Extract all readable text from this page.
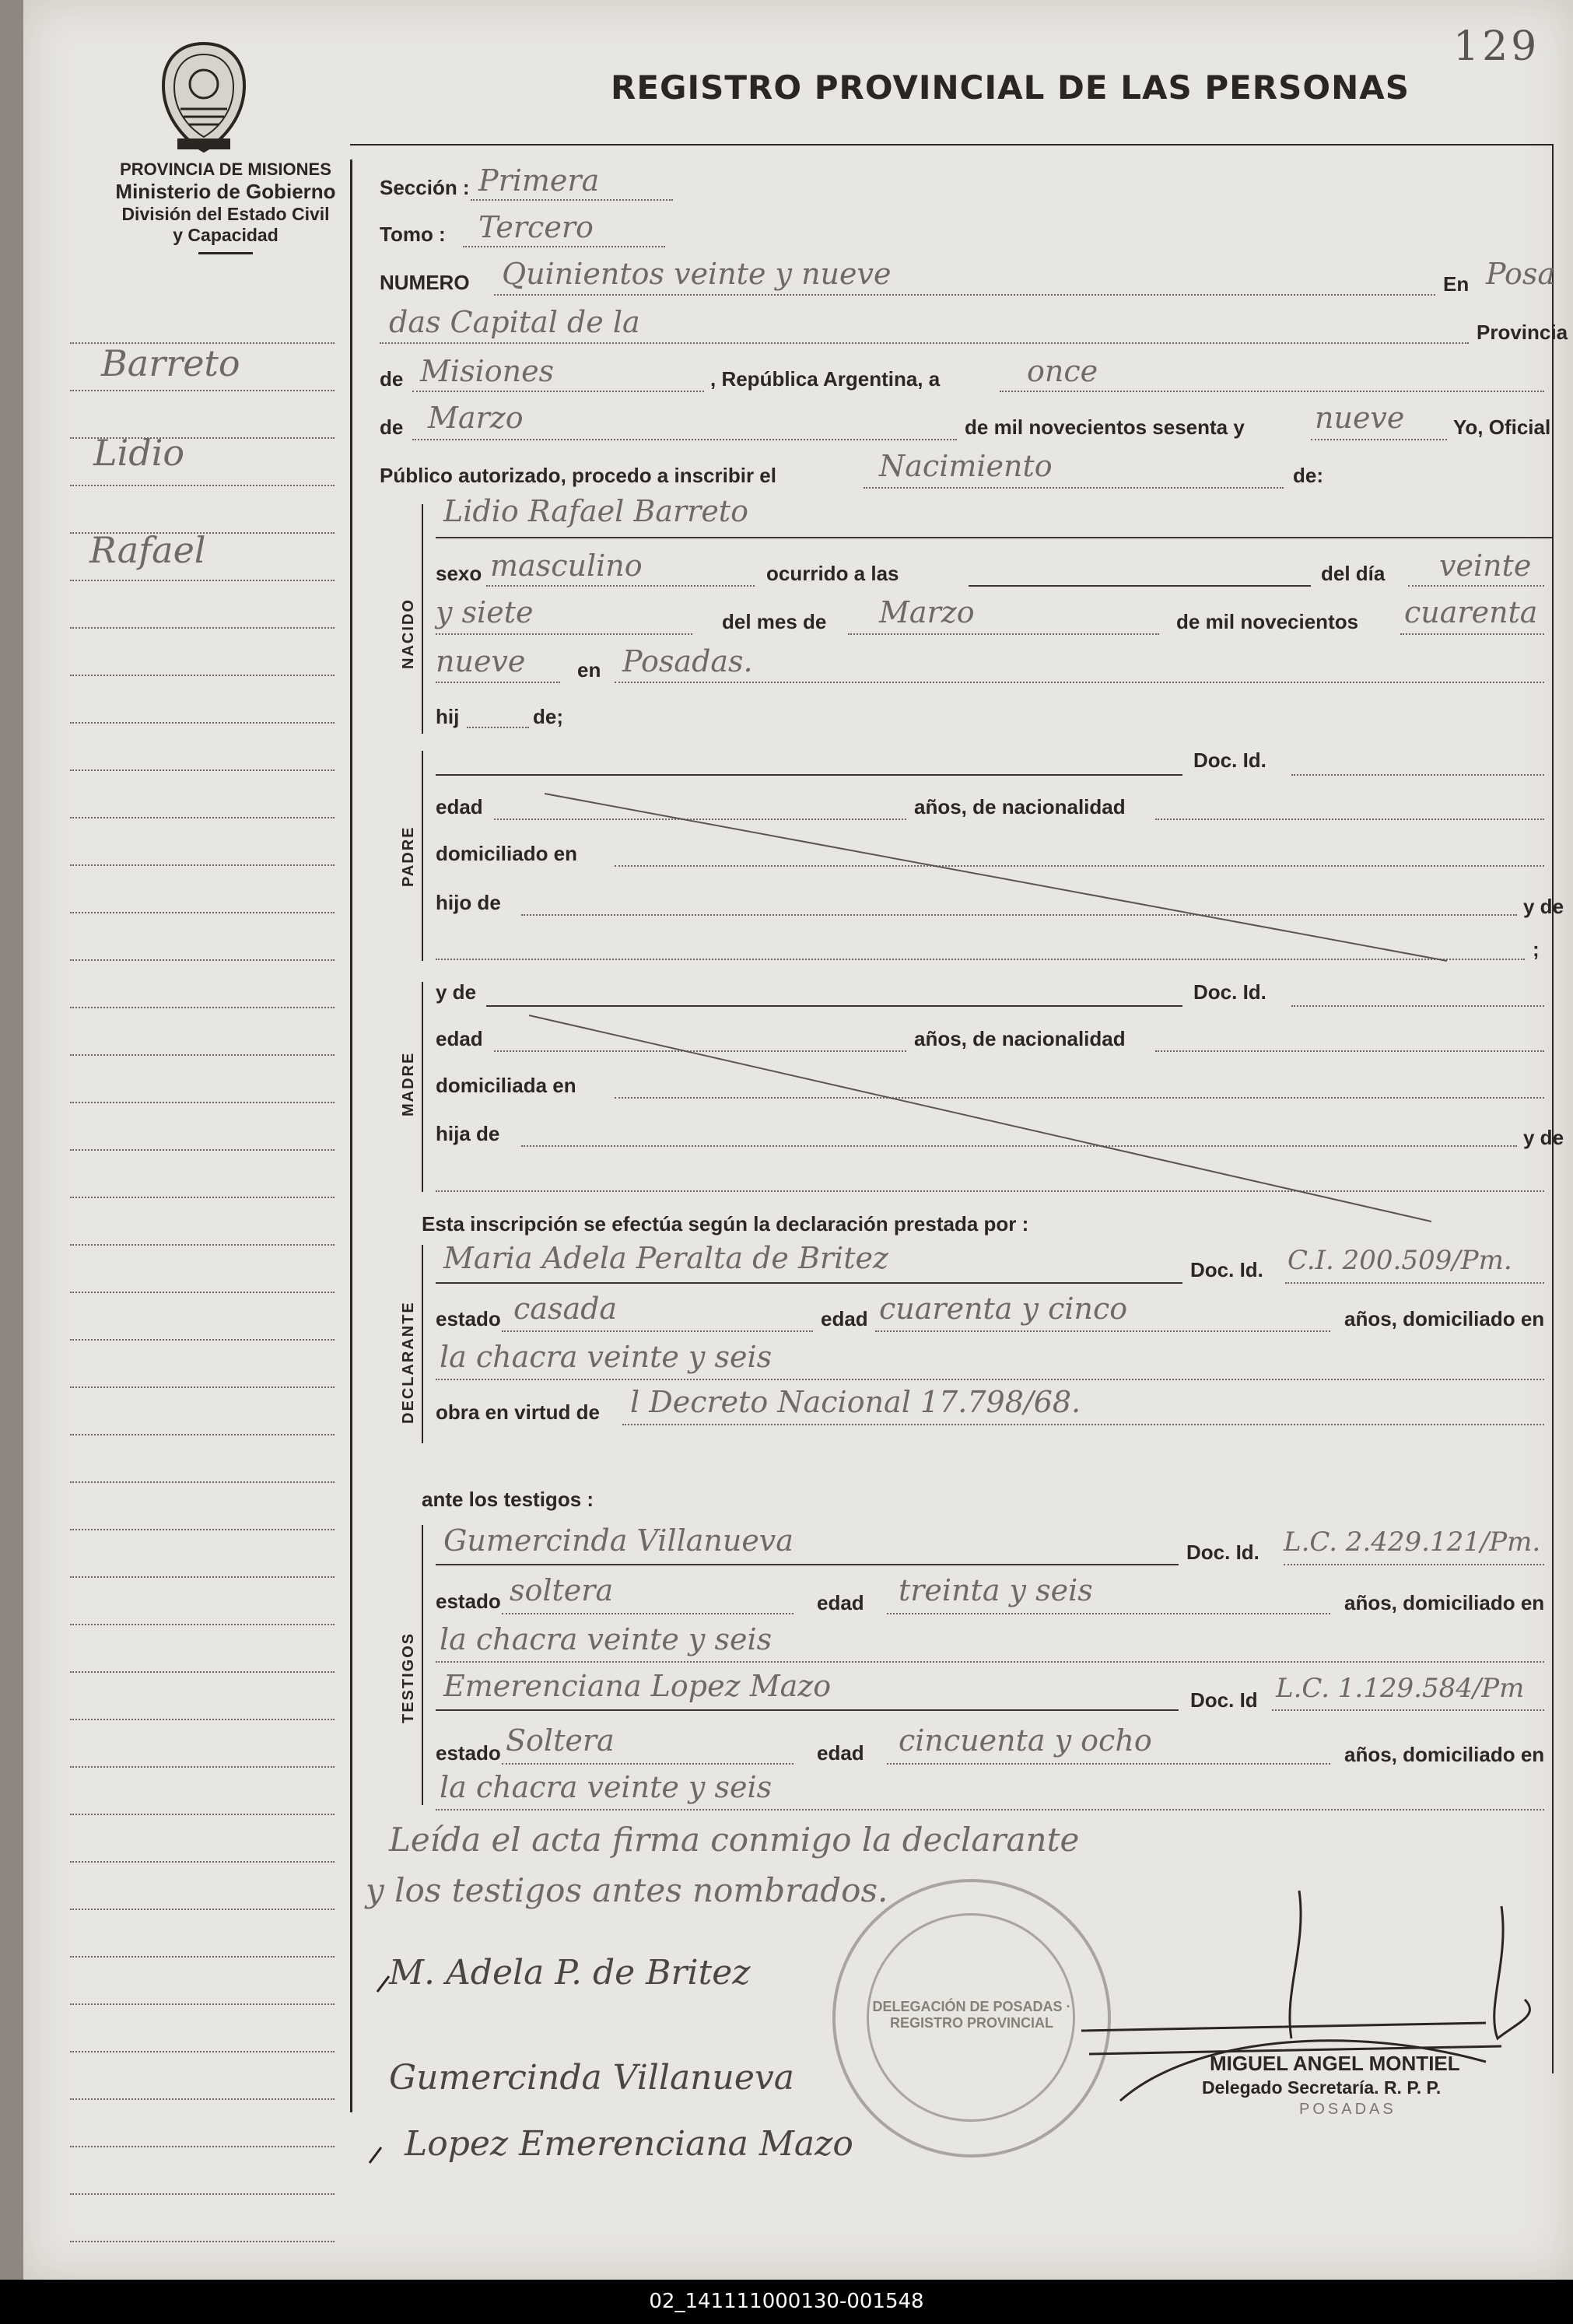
129
REGISTRO PROVINCIAL DE LAS PERSONAS
PROVINCIA DE MISIONES
Ministerio de Gobierno
División del Estado Civil
y Capacidad
Barreto
Lidio
Rafael
Sección : Primera
Tomo : Tercero
NUMERO Quinientos veinte y nueve	En Posa
das Capital de la	Provincia
de Misiones	, República Argentina, a	once
de Marzo	de mil novecientos sesenta y nueve Yo, Oficial
Público autorizado, procedo a inscribir el	Nacimiento	de:
NACIDO
Lidio Rafael Barreto
sexo masculino	ocurrido a las	del día veinte
y siete	del mes de Marzo	de mil novecientos cuarenta
nueve	en Posadas.
hij	de;
PADRE
Doc. Id.
edad	años, de nacionalidad
domiciliado en
hijo de	y de
;
MADRE
y de	Doc. Id.
edad	años, de nacionalidad
domiciliada en
hija de	y de
Esta inscripción se efectúa según la declaración prestada por :
DECLARANTE
Maria Adela Peralta de Britez	Doc. Id. C.I. 200.509/Pm.
estado casada	edad cuarenta y cinco	años, domiciliado en
la chacra veinte y seis
obra en virtud de l Decreto Nacional 17.798/68.
ante los testigos :
TESTIGOS
Gumercinda Villanueva	Doc. Id. L.C. 2.429.121/Pm.
estado soltera	edad treinta y seis	años, domiciliado en
la chacra veinte y seis
Emerenciana Lopez Mazo	Doc. Id L.C. 1.129.584/Pm
estado Soltera	edad cincuenta y ocho	años, domiciliado en
la chacra veinte y seis
Leída el acta firma conmigo la declarante
y los testigos antes nombrados.
DELEGACIÓN DE POSADAS · REGISTRO PROVINCIAL
M. Adela P. de Britez
Gumercinda Villanueva
Lopez Emerenciana Mazo
MIGUEL ANGEL MONTIEL
Delegado Secretaría. R. P. P.
POSADAS
02_141111000130-001548
